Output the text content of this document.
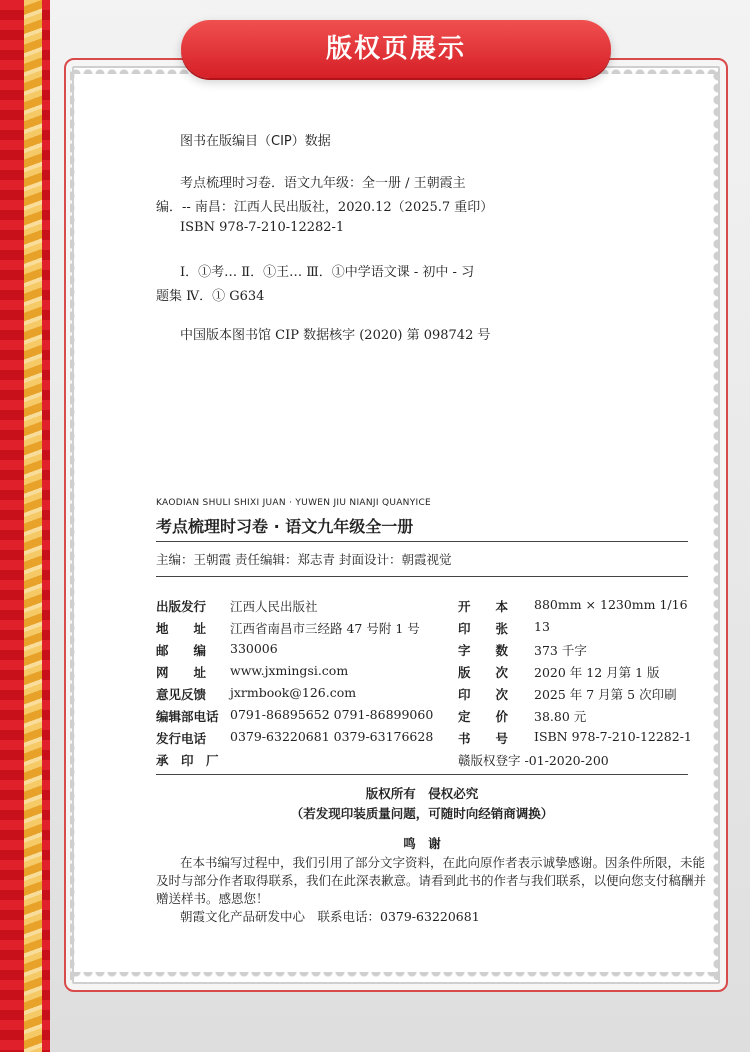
版权页展示
图书在版编目（CIP）数据
考点梳理时习卷．语文九年级：全一册 / 王朝霞主
编．-- 南昌：江西人民出版社，2020.12（2025.7 重印）
ISBN 978-7-210-12282-1
Ⅰ．①考… Ⅱ．①王… Ⅲ．①中学语文课 - 初中 - 习
题集 Ⅳ．① G634
中国版本图书馆 CIP 数据核字 (2020) 第 098742 号
KAODIAN SHULI SHIXI JUAN · YUWEN JIU NIANJI QUANYICE
考点梳理时习卷 · 语文九年级全一册
主编：王朝霞 责任编辑：郑志青 封面设计：朝霞视觉
出版发行 江西人民出版社
地　　址 江西省南昌市三经路 47 号附 1 号
邮　　编 330006
网　　址 www.jxmingsi.com
意见反馈 jxrmbook@126.com
编辑部电话 0791-86895652 0791-86899060
发行电话 0379-63220681 0379-63176628
承　印　厂
开　　本 880mm × 1230mm 1/16
印　　张 13
字　　数 373 千字
版　　次 2020 年 12 月第 1 版
印　　次 2025 年 7 月第 5 次印刷
定　　价 38.80 元
书　　号 ISBN 978-7-210-12282-1
赣版权登字 -01-2020-200
版权所有　侵权必究
（若发现印装质量问题，可随时向经销商调换）
鸣　谢
在本书编写过程中，我们引用了部分文字资料，在此向原作者表示诚挚感谢。因条件所限，未能
及时与部分作者取得联系，我们在此深表歉意。请看到此书的作者与我们联系，以便向您支付稿酬并
赠送样书。感恩您！
朝霞文化产品研发中心　联系电话：0379-63220681
